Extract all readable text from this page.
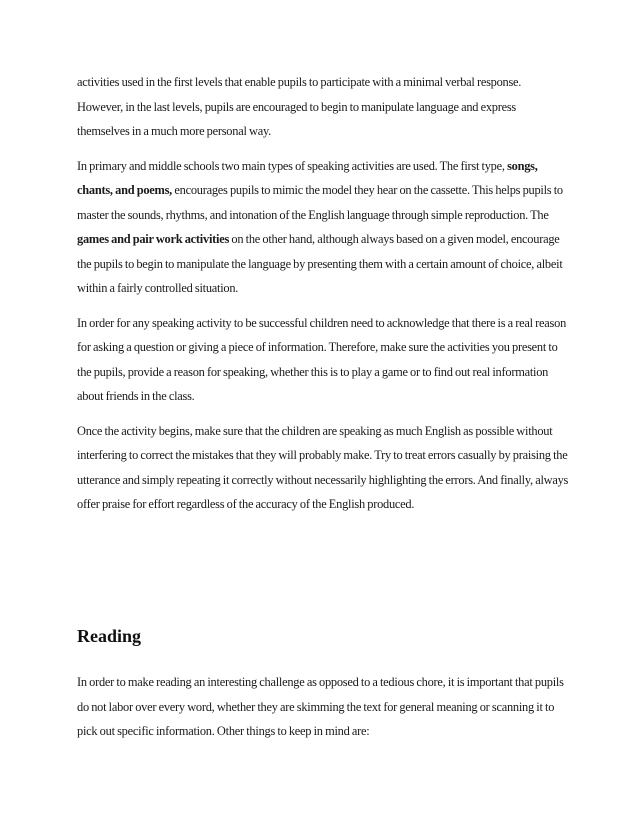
activities used in the first levels that enable pupils to participate with a minimal verbal response. However, in the last levels, pupils are encouraged to begin to manipulate language and express themselves in a much more personal way.

In primary and middle schools two main types of speaking activities are used. The first type, songs, chants, and poems, encourages pupils to mimic the model they hear on the cassette. This helps pupils to master the sounds, rhythms, and intonation of the English language through simple reproduction. The games and pair work activities on the other hand, although always based on a given model, encourage the pupils to begin to manipulate the language by presenting them with a certain amount of choice, albeit within a fairly controlled situation.

In order for any speaking activity to be successful children need to acknowledge that there is a real reason for asking a question or giving a piece of information. Therefore, make sure the activities you present to the pupils, provide a reason for speaking, whether this is to play a game or to find out real information about friends in the class.

Once the activity begins, make sure that the children are speaking as much English as possible without interfering to correct the mistakes that they will probably make. Try to treat errors casually by praising the utterance and simply repeating it correctly without necessarily highlighting the errors. And finally, always offer praise for effort regardless of the accuracy of the English produced.

Reading

In order to make reading an interesting challenge as opposed to a tedious chore, it is important that pupils do not labor over every word, whether they are skimming the text for general meaning or scanning it to pick out specific information. Other things to keep in mind are:
